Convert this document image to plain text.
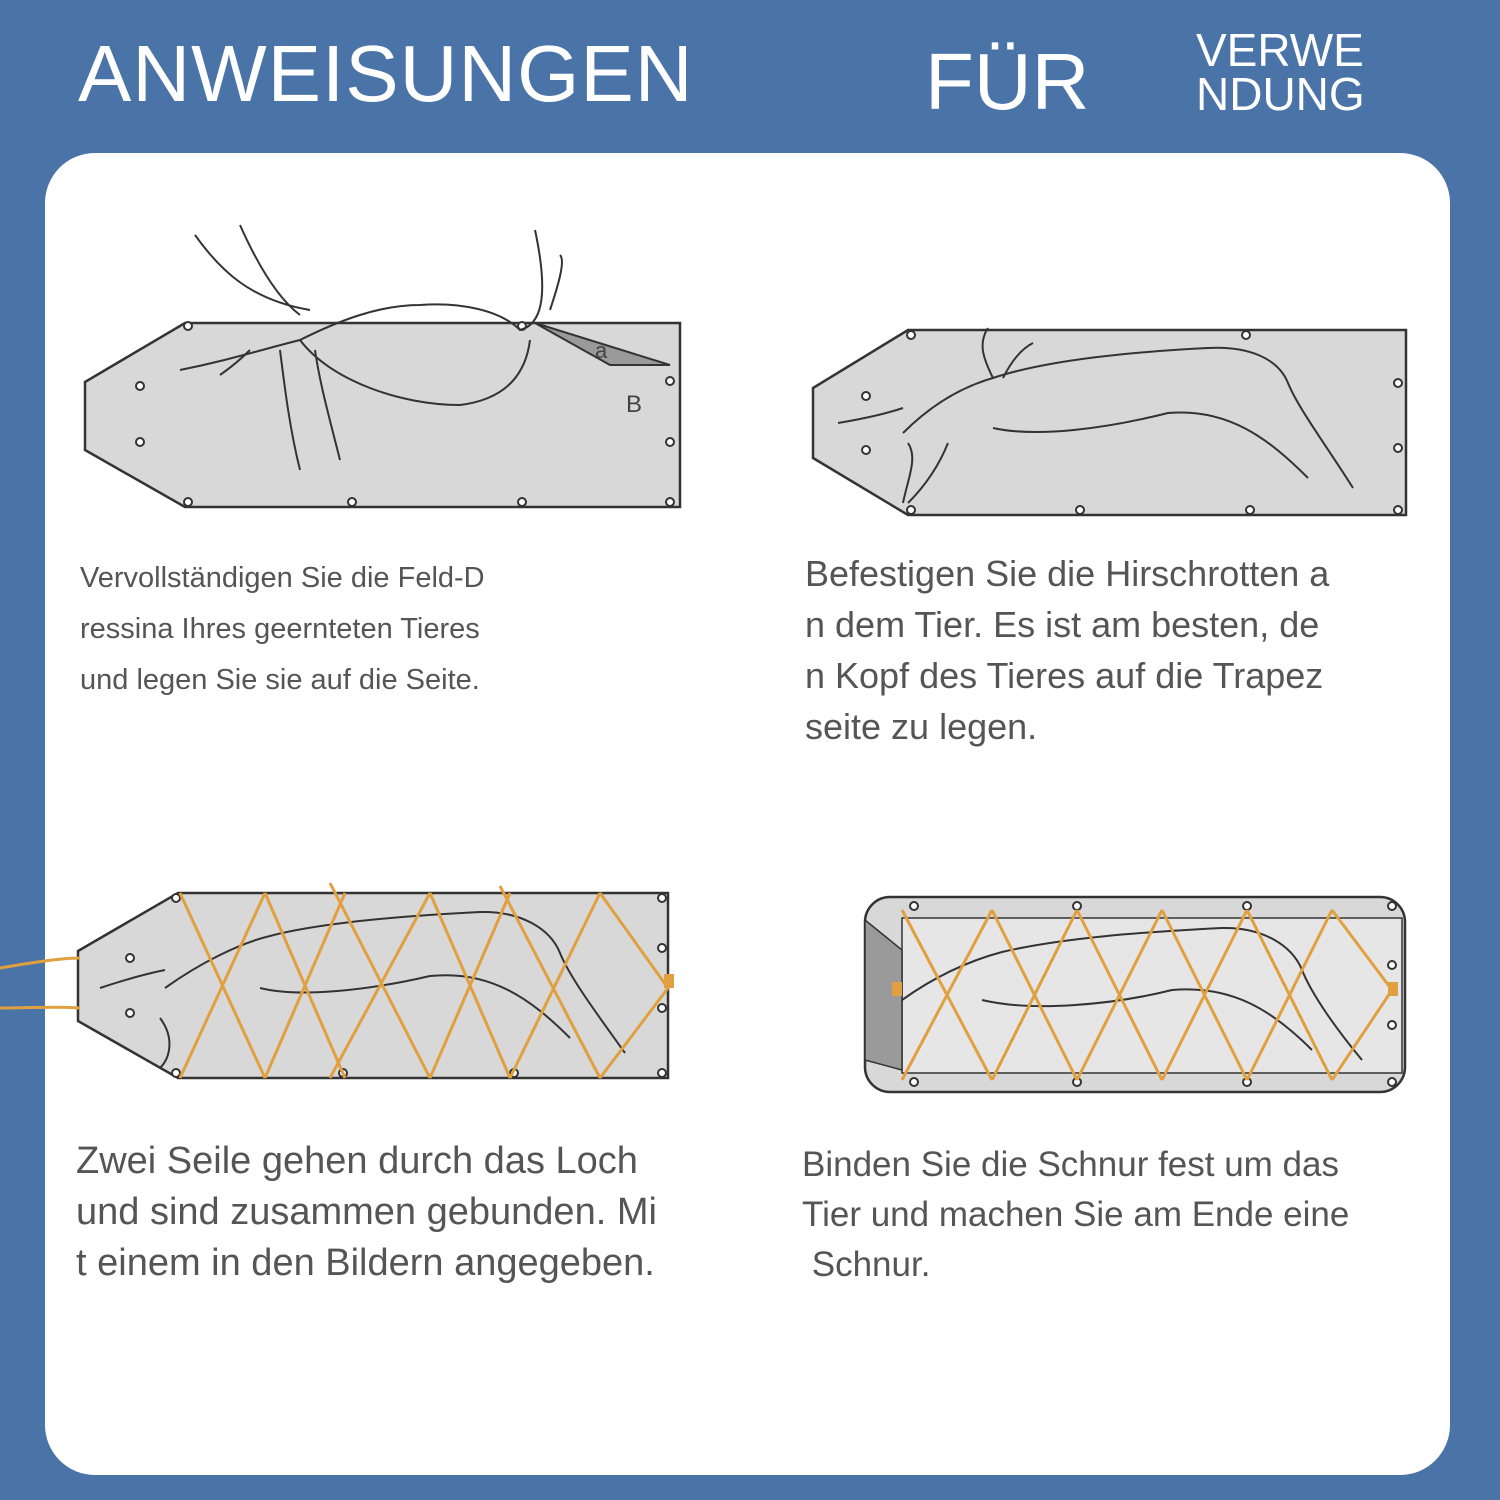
ANWEISUNGEN	FÜR VERWE
NDUNG
a
B
Vervollständigen Sie die Feld-D
ressina Ihres geernteten Tieres
und legen Sie sie auf die Seite.
Befestigen Sie die Hirschrotten a
n dem Tier. Es ist am besten, de
n Kopf des Tieres auf die Trapez
seite zu legen.
Zwei Seile gehen durch das Loch
und sind zusammen gebunden. Mi
t einem in den Bildern angegeben.
Binden Sie die Schnur fest um das
Tier und machen Sie am Ende eine
Schnur.
